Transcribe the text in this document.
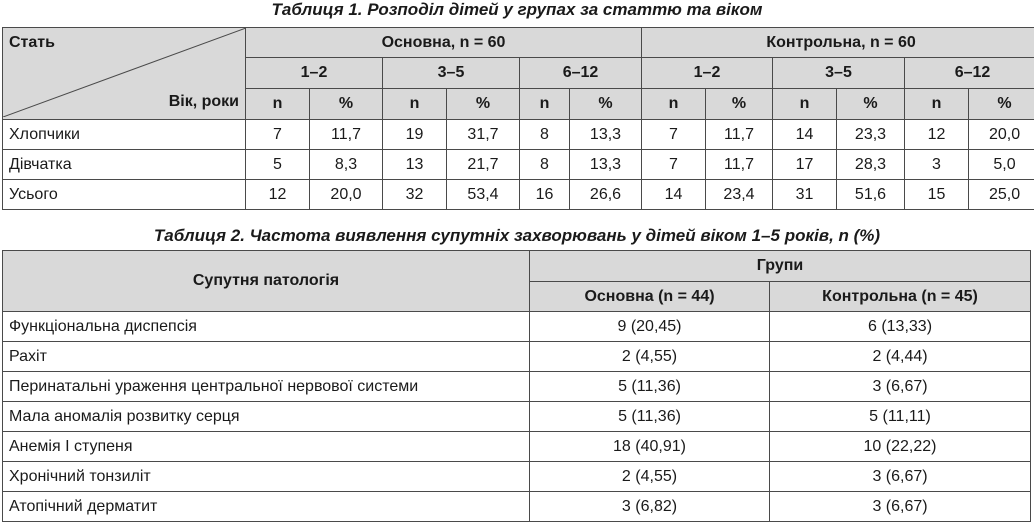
Таблиця 1. Розподіл дітей у групах за статтю та віком
Стать
Вік, роки	Основна, n = 60						Контрольна, n = 60					
	1–2		3–5		6–12		1–2		3–5		6–12	
	n	%	n	%	n	%	n	%	n	%	n	%
Хлопчики	7	11,7	19	31,7	8	13,3	7	11,7	14	23,3	12	20,0
Дівчатка	5	8,3	13	21,7	8	13,3	7	11,7	17	28,3	3	5,0
Усього	12	20,0	32	53,4	16	26,6	14	23,4	31	51,6	15	25,0
Таблиця 2. Частота виявлення супутніх захворювань у дітей віком 1–5 років, n (%)
Супутня патологія	Групи	
	Основна (n = 44)	Контрольна (n = 45)
Функціональна диспепсія	9 (20,45)	6 (13,33)
Рахіт	2 (4,55)	2 (4,44)
Перинатальні ураження центральної нервової системи	5 (11,36)	3 (6,67)
Мала аномалія розвитку серця	5 (11,36)	5 (11,11)
Анемія І ступеня	18 (40,91)	10 (22,22)
Хронічний тонзиліт	2 (4,55)	3 (6,67)
Атопічний дерматит	3 (6,82)	3 (6,67)
